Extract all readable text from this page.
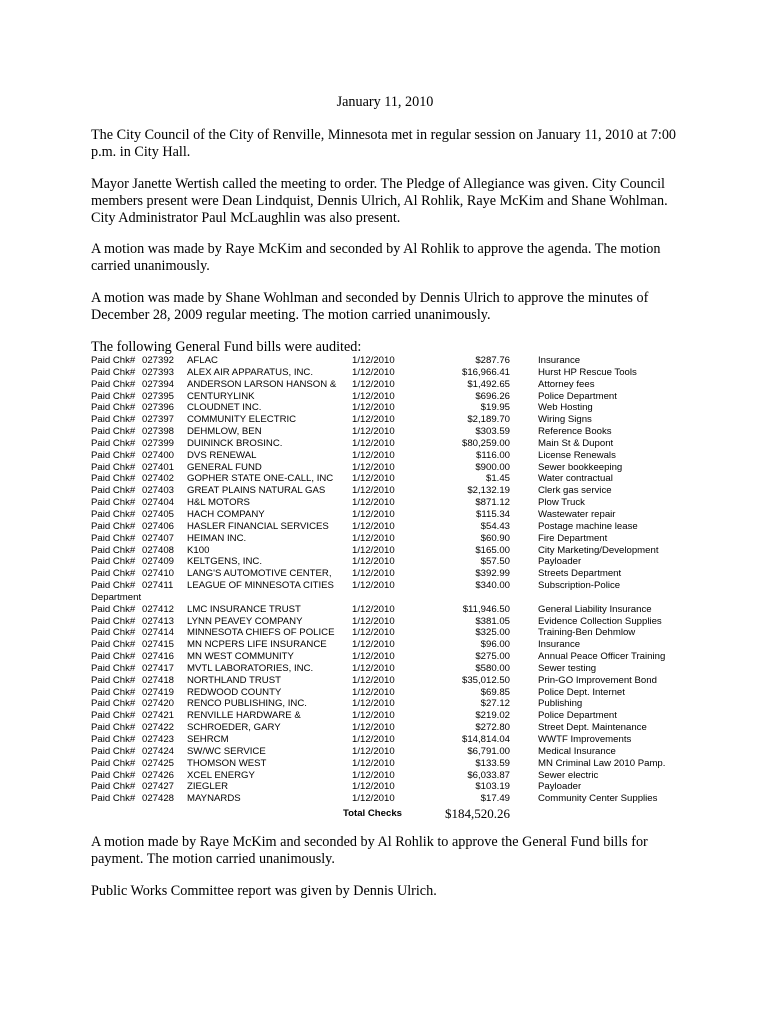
January 11, 2010

The City Council of the City of Renville, Minnesota met in regular session on January 11, 2010 at 7:00 p.m. in City Hall.

Mayor Janette Wertish called the meeting to order. The Pledge of Allegiance was given. City Council members present were Dean Lindquist, Dennis Ulrich, Al Rohlik, Raye McKim and Shane Wohlman. City Administrator Paul McLaughlin was also present.

A motion was made by Raye McKim and seconded by Al Rohlik to approve the agenda. The motion carried unanimously.

A motion was made by Shane Wohlman and seconded by Dennis Ulrich to approve the minutes of December 28, 2009 regular meeting. The motion carried unanimously.

The following General Fund bills were audited:

Paid Chk# 027392 AFLAC	1/12/2010	$287.76	Insurance
Paid Chk# 027393 ALEX AIR APPARATUS, INC.	1/12/2010	$16,966.41	Hurst HP Rescue Tools
Paid Chk# 027394 ANDERSON LARSON HANSON & 1/12/2010	$1,492.65	Attorney fees
Paid Chk# 027395 CENTURYLINK	1/12/2010	$696.26	Police Department
Paid Chk# 027396 CLOUDNET INC.	1/12/2010	$19.95	Web Hosting
Paid Chk# 027397 COMMUNITY ELECTRIC	1/12/2010	$2,189.70	Wiring Signs
Paid Chk# 027398 DEHMLOW, BEN	1/12/2010	$303.59	Reference Books
Paid Chk# 027399 DUININCK BROSINC.	1/12/2010	$80,259.00	Main St & Dupont
Paid Chk# 027400 DVS RENEWAL	1/12/2010	$116.00	License Renewals
Paid Chk# 027401 GENERAL FUND	1/12/2010	$900.00	Sewer bookkeeping
Paid Chk# 027402 GOPHER STATE ONE-CALL, INC 1/12/2010	$1.45	Water contractual
Paid Chk# 027403 GREAT PLAINS NATURAL GAS	1/12/2010	$2,132.19	Clerk gas service
Paid Chk# 027404 H&L MOTORS	1/12/2010	$871.12	Plow Truck
Paid Chk# 027405 HACH COMPANY	1/12/2010	$115.34	Wastewater repair
Paid Chk# 027406 HASLER FINANCIAL SERVICES 1/12/2010	$54.43	Postage machine lease
Paid Chk# 027407 HEIMAN INC.	1/12/2010	$60.90	Fire Department
Paid Chk# 027408 K100	1/12/2010	$165.00	City Marketing/Development
Paid Chk# 027409 KELTGENS, INC.	1/12/2010	$57.50	Payloader
Paid Chk# 027410 LANG'S AUTOMOTIVE CENTER, 1/12/2010	$392.99	Streets Department
Paid Chk# 027411 LEAGUE OF MINNESOTA CITIES 1/12/2010	$340.00	Subscription-Police
Department
Paid Chk# 027412 LMC INSURANCE TRUST	1/12/2010	$11,946.50	General Liability Insurance
Paid Chk# 027413 LYNN PEAVEY COMPANY	1/12/2010	$381.05	Evidence Collection Supplies
Paid Chk# 027414 MINNESOTA CHIEFS OF POLICE 1/12/2010	$325.00	Training-Ben Dehmlow
Paid Chk# 027415 MN NCPERS LIFE INSURANCE	1/12/2010	$96.00	Insurance
Paid Chk# 027416 MN WEST COMMUNITY	1/12/2010	$275.00	Annual Peace Officer Training
Paid Chk# 027417 MVTL LABORATORIES, INC.	1/12/2010	$580.00	Sewer testing
Paid Chk# 027418 NORTHLAND TRUST	1/12/2010	$35,012.50	Prin-GO Improvement Bond
Paid Chk# 027419 REDWOOD COUNTY	1/12/2010	$69.85	Police Dept. Internet
Paid Chk# 027420 RENCO PUBLISHING, INC.	1/12/2010	$27.12	Publishing
Paid Chk# 027421 RENVILLE HARDWARE &	1/12/2010	$219.02	Police Department
Paid Chk# 027422 SCHROEDER, GARY	1/12/2010	$272.80	Street Dept. Maintenance
Paid Chk# 027423 SEHRCM	1/12/2010	$14,814.04	WWTF Improvements
Paid Chk# 027424 SW/WC SERVICE	1/12/2010	$6,791.00	Medical Insurance
Paid Chk# 027425 THOMSON WEST	1/12/2010	$133.59	MN Criminal Law 2010 Pamp.
Paid Chk# 027426 XCEL ENERGY	1/12/2010	$6,033.87	Sewer electric
Paid Chk# 027427 ZIEGLER	1/12/2010	$103.19	Payloader
Paid Chk# 027428 MAYNARDS	1/12/2010	$17.49	Community Center Supplies
Total Checks	$184,520.26

A motion made by Raye McKim and seconded by Al Rohlik to approve the General Fund bills for payment. The motion carried unanimously.

Public Works Committee report was given by Dennis Ulrich.
